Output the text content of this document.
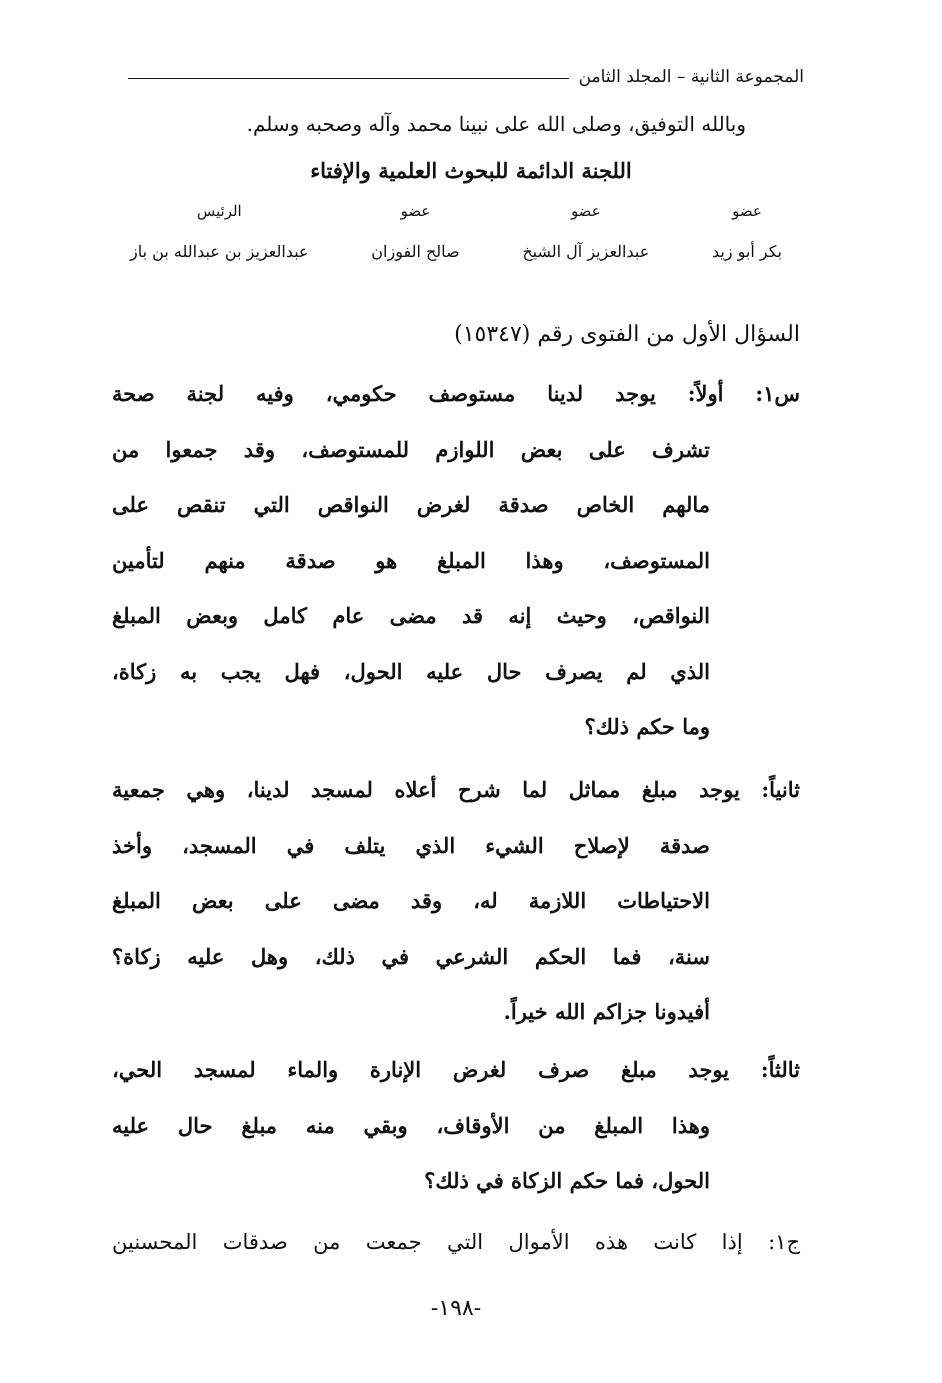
المجموعة الثانية – المجلد الثامن
وبالله التوفيق، وصلى الله على نبينا محمد وآله وصحبه وسلم.
اللجنة الدائمة للبحوث العلمية والإفتاء
عضو
بكر أبو زيد
عضو
عبدالعزيز آل الشيخ
عضو
صالح الفوزان
الرئيس
عبدالعزيز بن عبدالله بن باز
السؤال الأول من الفتوى رقم (١٥٣٤٧)
س١: أولاً: يوجد لدينا مستوصف حكومي، وفيه لجنة صحة
تشرف على بعض اللوازم للمستوصف، وقد جمعوا من
مالهم الخاص صدقة لغرض النواقص التي تنقص على
المستوصف، وهذا المبلغ هو صدقة منهم لتأمين
النواقص، وحيث إنه قد مضى عام كامل وبعض المبلغ
الذي لم يصرف حال عليه الحول، فهل يجب به زكاة،
وما حكم ذلك؟
ثانياً: يوجد مبلغ مماثل لما شرح أعلاه لمسجد لدينا، وهي جمعية
صدقة لإصلاح الشيء الذي يتلف في المسجد، وأخذ
الاحتياطات اللازمة له، وقد مضى على بعض المبلغ
سنة، فما الحكم الشرعي في ذلك، وهل عليه زكاة؟
أفيدونا جزاكم الله خيراً.
ثالثاً: يوجد مبلغ صرف لغرض الإنارة والماء لمسجد الحي،
وهذا المبلغ من الأوقاف، وبقي منه مبلغ حال عليه
الحول، فما حكم الزكاة في ذلك؟
ج١: إذا كانت هذه الأموال التي جمعت من صدقات المحسنين
-١٩٨-
